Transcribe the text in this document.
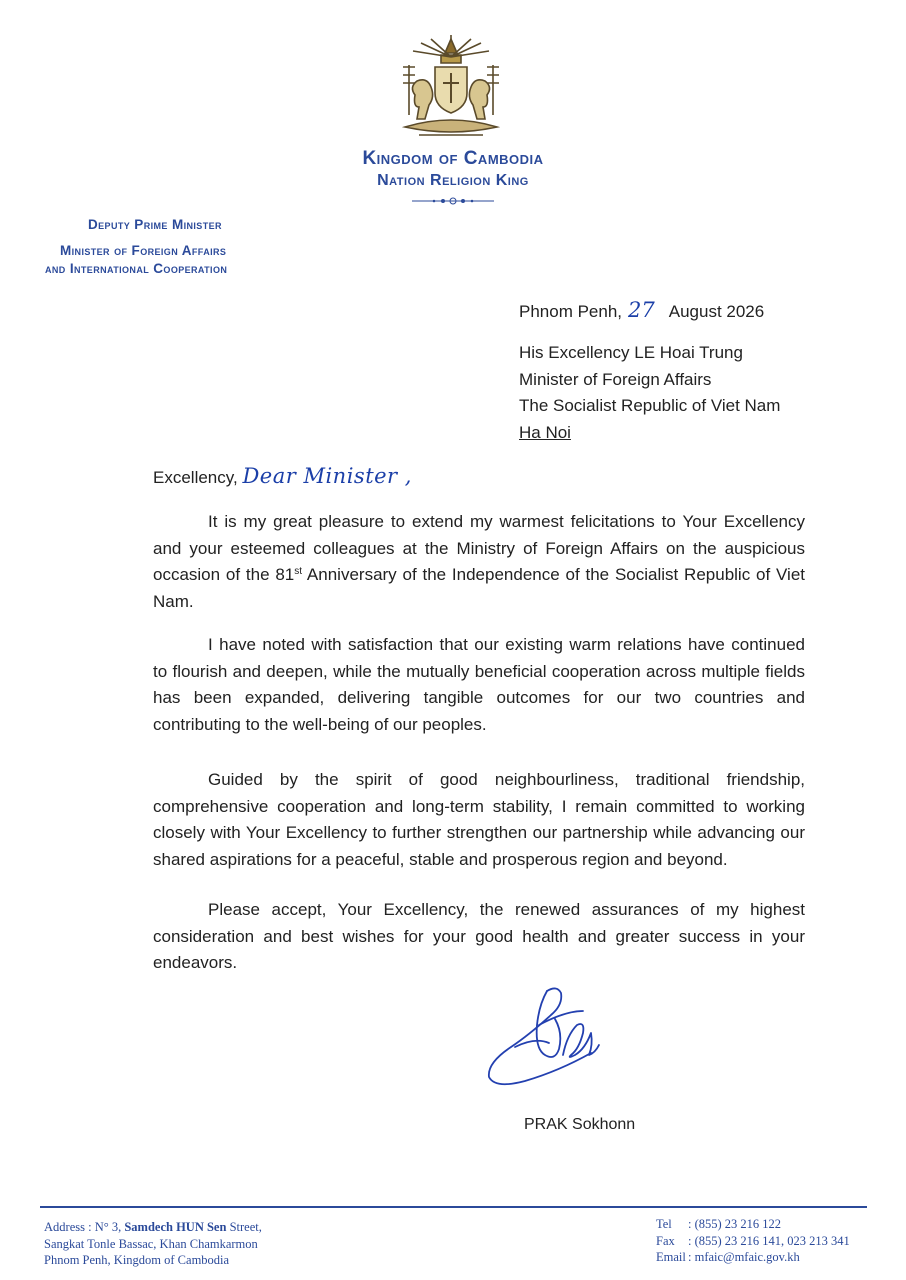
Kingdom of Cambodia
Nation Religion King
Deputy Prime Minister
Minister of Foreign Affairs
and International Cooperation
Phnom Penh, 27 August 2026
His Excellency LE Hoai Trung
Minister of Foreign Affairs
The Socialist Republic of Viet Nam
Ha Noi
Excellency, Dear Minister ,

It is my great pleasure to extend my warmest felicitations to Your Excellency and your esteemed colleagues at the Ministry of Foreign Affairs on the auspicious occasion of the 81st Anniversary of the Independence of the Socialist Republic of Viet Nam.

I have noted with satisfaction that our existing warm relations have continued to flourish and deepen, while the mutually beneficial cooperation across multiple fields has been expanded, delivering tangible outcomes for our two countries and contributing to the well-being of our peoples.

Guided by the spirit of good neighbourliness, traditional friendship, comprehensive cooperation and long-term stability, I remain committed to working closely with Your Excellency to further strengthen our partnership while advancing our shared aspirations for a peaceful, stable and prosperous region and beyond.

Please accept, Your Excellency, the renewed assurances of my highest consideration and best wishes for your good health and greater success in your endeavors.

PRAK Sokhonn
Address : N° 3, Samdech HUN Sen Street,
Sangkat Tonle Bassac, Khan Chamkarmon
Phnom Penh, Kingdom of Cambodia
Tel : (855) 23 216 122
Fax : (855) 23 216 141, 023 213 341
Email : mfaic@mfaic.gov.kh
